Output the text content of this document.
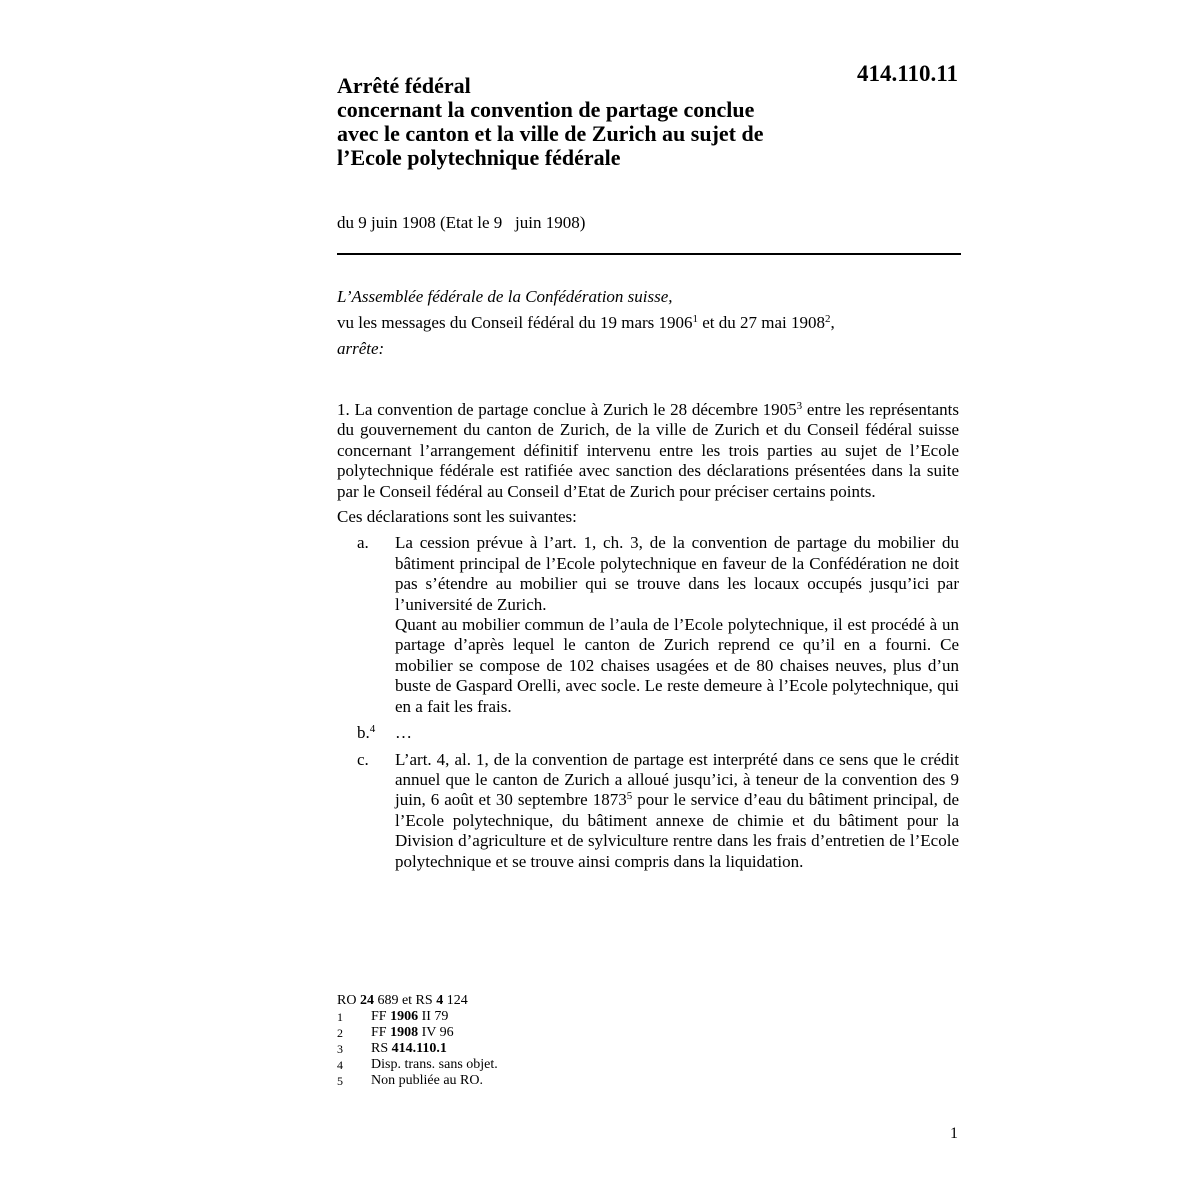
414.110.11
Arrêté fédéral
concernant la convention de partage conclue
avec le canton et la ville de Zurich au sujet de
l’Ecole polytechnique fédérale
du 9 juin 1908 (Etat le 9   juin 1908)
L’Assemblée fédérale de la Confédération suisse,
vu les messages du Conseil fédéral du 19 mars 1906$^1$ et du 27 mai 1908$^2$,
arrête:

1. La convention de partage conclue à Zurich le 28 décembre 1905$^3$ entre les représentants du gouvernement du canton de Zurich, de la ville de Zurich et du Conseil fédéral suisse concernant l’arrangement définitif intervenu entre les trois parties au sujet de l’Ecole polytechnique fédérale est ratifiée avec sanction des déclarations présentées dans la suite par le Conseil fédéral au Conseil d’Etat de Zurich pour préciser certains points.

Ces déclarations sont les suivantes:

a.	La cession prévue à l’art. 1, ch. 3, de la convention de partage du mobilier du bâtiment principal de l’Ecole polytechnique en faveur de la Confédération ne doit pas s’étendre au mobilier qui se trouve dans les locaux occupés jusqu’ici par l’université de Zurich.

Quant au mobilier commun de l’aula de l’Ecole polytechnique, il est procédé à un partage d’après lequel le canton de Zurich reprend ce qu’il en a fourni. Ce mobilier se compose de 102 chaises usagées et de 80 chaises neuves, plus d’un buste de Gaspard Orelli, avec socle. Le reste demeure à l’Ecole polytechnique, qui en a fait les frais.

b.$^4$	…
c.	L’art. 4, al. 1, de la convention de partage est interprété dans ce sens que le crédit annuel que le canton de Zurich a alloué jusqu’ici, à teneur de la convention des 9 juin, 6 août et 30 septembre 1873$^5$ pour le service d’eau du bâtiment principal, de l’Ecole polytechnique, du bâtiment annexe de chimie et du bâtiment pour la Division d’agriculture et de sylviculture rentre dans les frais d’entretien de l’Ecole polytechnique et se trouve ainsi compris dans la liquidation.
RO 24 689 et RS 4 124
1	FF 1906 II 79
2	FF 1908 IV 96
3	RS 414.110.1
4	Disp. trans. sans objet.
5	Non publiée au RO.
1
